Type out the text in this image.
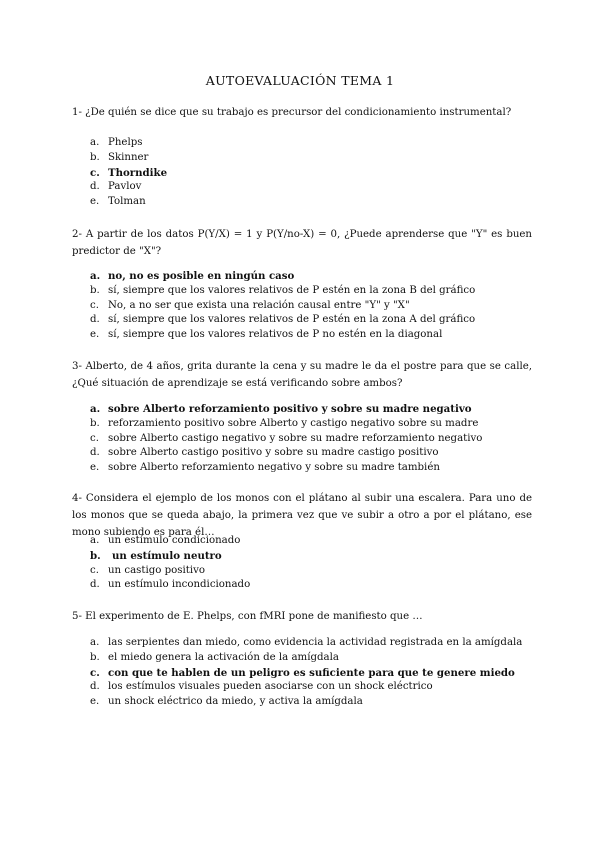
AUTOEVALUACIÓN TEMA 1
1- ¿De quién se dice que su trabajo es precursor del condicionamiento instrumental?
a. Phelps
b. Skinner
c. Thorndike
d. Pavlov
e. Tolman
2- A partir de los datos P(Y/X) = 1 y P(Y/no-X) = 0, ¿Puede aprenderse que "Y" es buen predictor de "X"?
a. no, no es posible en ningún caso
b. sí, siempre que los valores relativos de P estén en la zona B del gráfico
c. No, a no ser que exista una relación causal entre "Y" y "X"
d. sí, siempre que los valores relativos de P estén en la zona A del gráfico
e. sí, siempre que los valores relativos de P no estén en la diagonal
3- Alberto, de 4 años, grita durante la cena y su madre le da el postre para que se calle, ¿Qué situación de aprendizaje se está verificando sobre ambos?
a. sobre Alberto reforzamiento positivo y sobre su madre negativo
b. reforzamiento positivo sobre Alberto y castigo negativo sobre su madre
c. sobre Alberto castigo negativo y sobre su madre reforzamiento negativo
d. sobre Alberto castigo positivo y sobre su madre castigo positivo
e. sobre Alberto reforzamiento negativo y sobre su madre también
4- Considera el ejemplo de los monos con el plátano al subir una escalera. Para uno de los monos que se queda abajo, la primera vez que ve subir a otro a por el plátano, ese mono subiendo es para él…
a. un estímulo condicionado
b. un estímulo neutro
c. un castigo positivo
d. un estímulo incondicionado
5- El experimento de E. Phelps, con fMRI pone de manifiesto que …
a. las serpientes dan miedo, como evidencia la actividad registrada en la amígdala
b. el miedo genera la activación de la amígdala
c. con que te hablen de un peligro es suficiente para que te genere miedo
d. los estímulos visuales pueden asociarse con un shock eléctrico
e. un shock eléctrico da miedo, y activa la amígdala
